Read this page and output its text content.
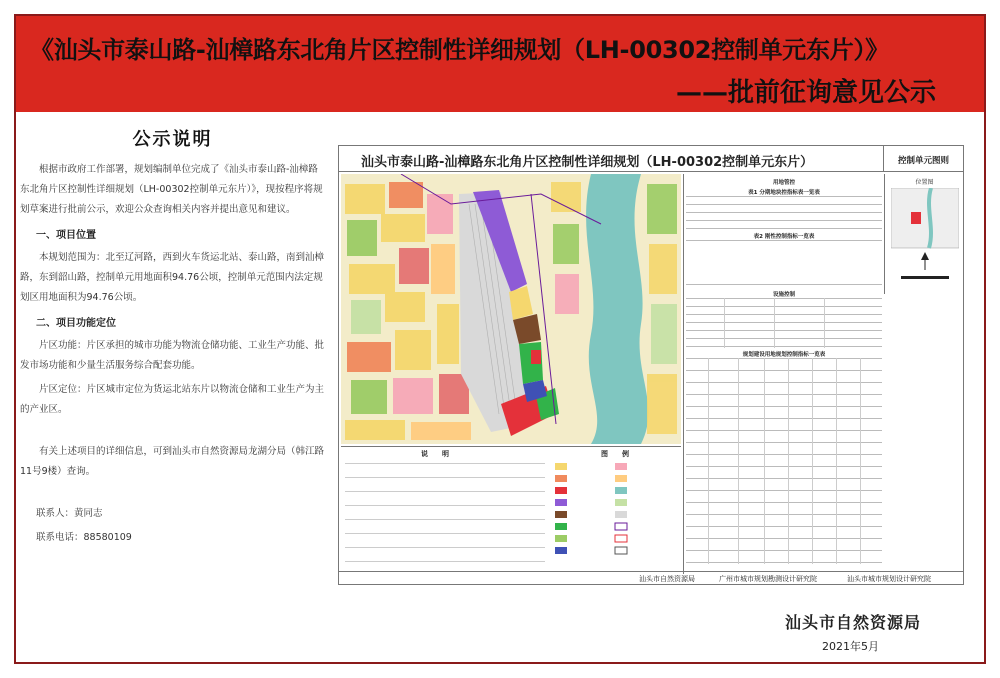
《汕头市泰山路-汕樟路东北角片区控制性详细规划（LH-00302控制单元东片）》
——批前征询意见公示
公示说明

根据市政府工作部署，规划编制单位完成了《汕头市泰山路-汕樟路东北角片区控制性详细规划（LH-00302控制单元东片）》，现按程序将规划草案进行批前公示，欢迎公众查询相关内容并提出意见和建议。

一、项目位置

本规划范围为：北至辽河路，西到火车货运北站、泰山路，南到汕樟路，东到韶山路，控制单元用地面积94.76公顷，控制单元范围内法定规划区用地面积为94.76公顷。

二、项目功能定位

片区功能：片区承担的城市功能为物流仓储功能、工业生产功能、批发市场功能和少量生活服务综合配套功能。

片区定位：片区城市定位为货运北站东片以物流仓储和工业生产为主的产业区。

有关上述项目的详细信息，可到汕头市自然资源局龙湖分局（韩江路11号9楼）查询。

联系人：黄同志

联系电话：88580109

汕头市泰山路-汕樟路东北角片区控制性详细规划（LH-00302控制单元东片）	控制单元图则
说　　明	图　　例
用地管控
表1 分期地块控指标表一览表
表2 刚性控制指标一览表
设施控制
规划建设用地规划控制指标一览表
位置图
汕头市自然资源局	广州市城市规划勘测设计研究院	汕头市城市规划设计研究院
汕头市自然资源局
2021年5月
